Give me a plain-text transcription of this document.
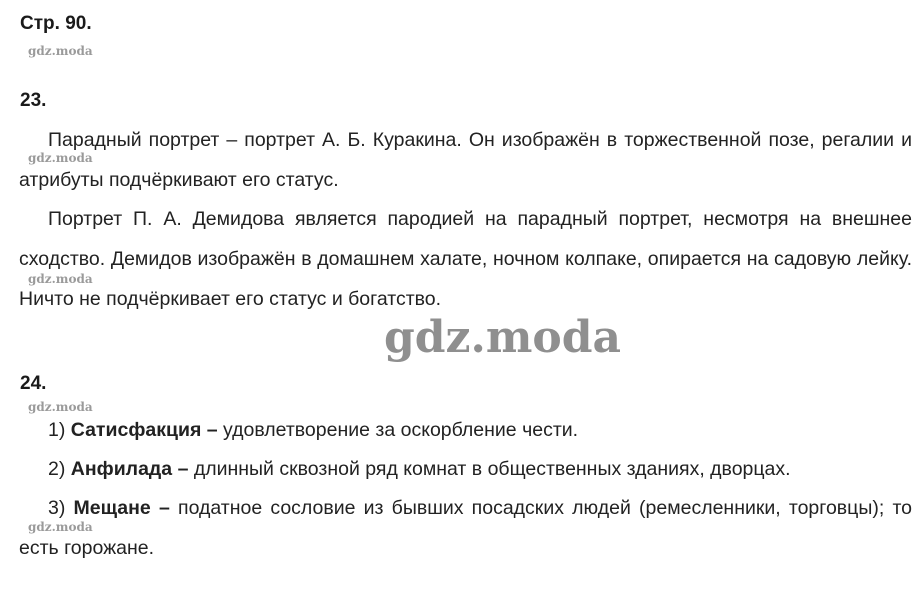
Стр. 90.
gdz.moda
23.

Парадный портрет – портрет А. Б. Куракина. Он изображён в торжественной позе, регалии и атрибуты подчёркивают его статус.

gdz.moda

Портрет П. А. Демидова является пародией на парадный портрет, несмотря на внешнее сходство. Демидов изображён в домашнем халате, ночном колпаке, опирается на садовую лейку. Ничто не подчёркивает его статус и богатство.

gdz.moda
gdz.moda
24.
gdz.moda

1) Сатисфакция – удовлетворение за оскорбление чести.

2) Анфилада – длинный сквозной ряд комнат в общественных зданиях, дворцах.

3) Мещане – податное сословие из бывших посадских людей (ремесленники, торговцы); то есть горожане.

gdz.moda
